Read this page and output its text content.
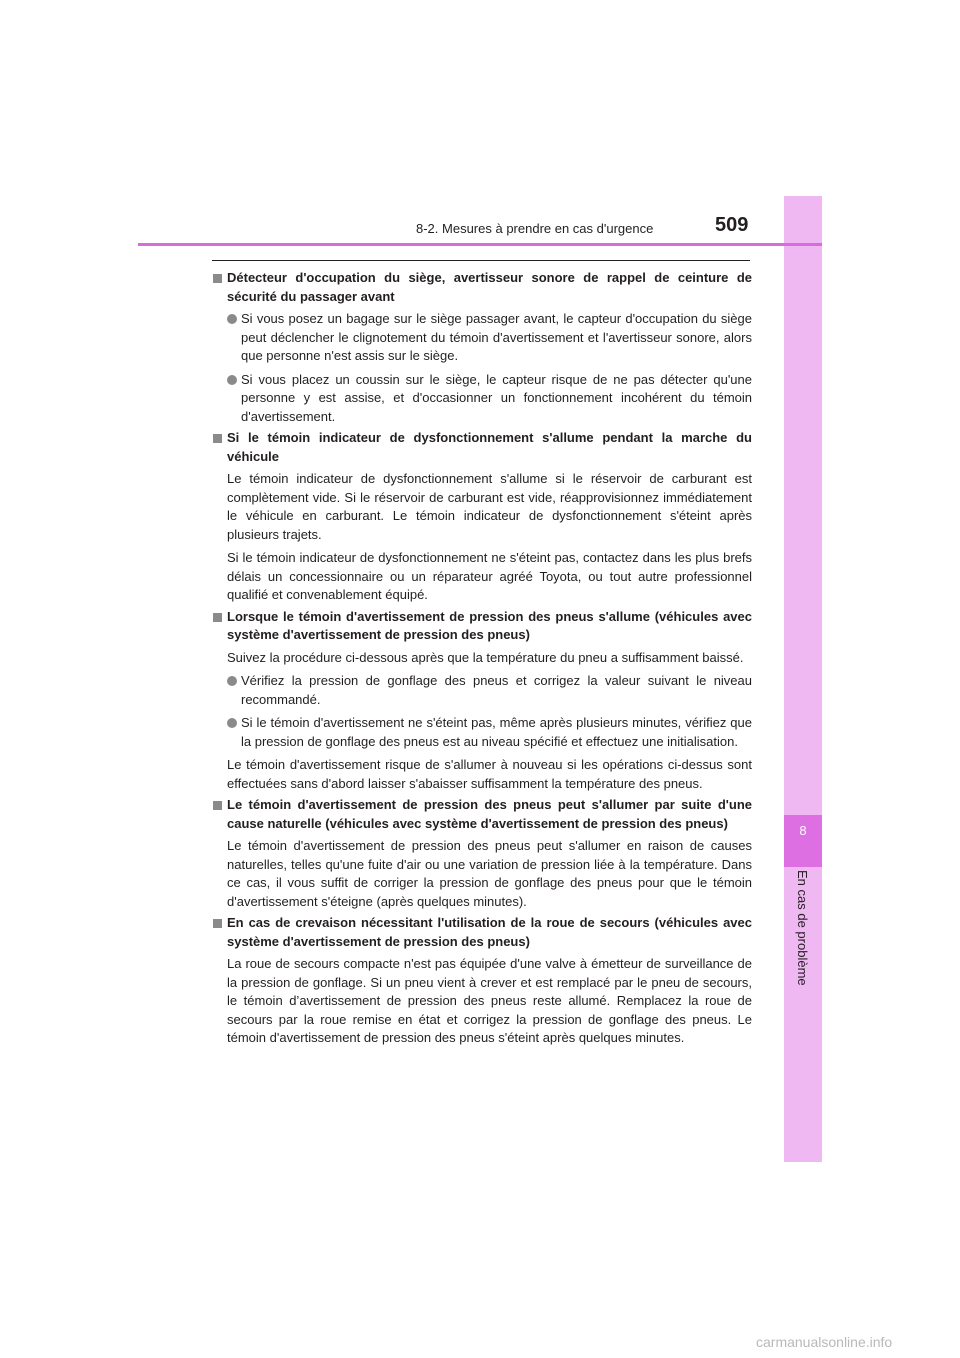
8
En cas de problème
8-2. Mesures à prendre en cas d'urgence	509
Détecteur d'occupation du siège, avertisseur sonore de rappel de ceinture de sécurité du passager avant
Si vous posez un bagage sur le siège passager avant, le capteur d'occupation du siège peut déclencher le clignotement du témoin d'avertissement et l'avertisseur sonore, alors que personne n'est assis sur le siège.
Si vous placez un coussin sur le siège, le capteur risque de ne pas détecter qu'une personne y est assise, et d'occasionner un fonctionnement incohérent du témoin d'avertissement.
Si le témoin indicateur de dysfonctionnement s'allume pendant la marche du véhicule
Le témoin indicateur de dysfonctionnement s'allume si le réservoir de carburant est complètement vide. Si le réservoir de carburant est vide, réapprovisionnez immédiatement le véhicule en carburant. Le témoin indicateur de dysfonctionnement s'éteint après plusieurs trajets.
Si le témoin indicateur de dysfonctionnement ne s'éteint pas, contactez dans les plus brefs délais un concessionnaire ou un réparateur agréé Toyota, ou tout autre professionnel qualifié et convenablement équipé.
Lorsque le témoin d'avertissement de pression des pneus s'allume (véhicules avec système d'avertissement de pression des pneus)
Suivez la procédure ci-dessous après que la température du pneu a suffisamment baissé.
Vérifiez la pression de gonflage des pneus et corrigez la valeur suivant le niveau recommandé.
Si le témoin d'avertissement ne s'éteint pas, même après plusieurs minutes, vérifiez que la pression de gonflage des pneus est au niveau spécifié et effectuez une initialisation.
Le témoin d'avertissement risque de s'allumer à nouveau si les opérations ci-dessus sont effectuées sans d'abord laisser s'abaisser suffisamment la température des pneus.
Le témoin d'avertissement de pression des pneus peut s'allumer par suite d'une cause naturelle (véhicules avec système d'avertissement de pression des pneus)
Le témoin d'avertissement de pression des pneus peut s'allumer en raison de causes naturelles, telles qu'une fuite d'air ou une variation de pression liée à la température. Dans ce cas, il vous suffit de corriger la pression de gonflage des pneus pour que le témoin d'avertissement s'éteigne (après quelques minutes).
En cas de crevaison nécessitant l'utilisation de la roue de secours (véhicules avec système d'avertissement de pression des pneus)
La roue de secours compacte n'est pas équipée d'une valve à émetteur de surveillance de la pression de gonflage. Si un pneu vient à crever et est remplacé par le pneu de secours, le témoin d’avertissement de pression des pneus reste allumé. Remplacez la roue de secours par la roue remise en état et corrigez la pression de gonflage des pneus. Le témoin d'avertissement de pression des pneus s'éteint après quelques minutes.
carmanualsonline.info
